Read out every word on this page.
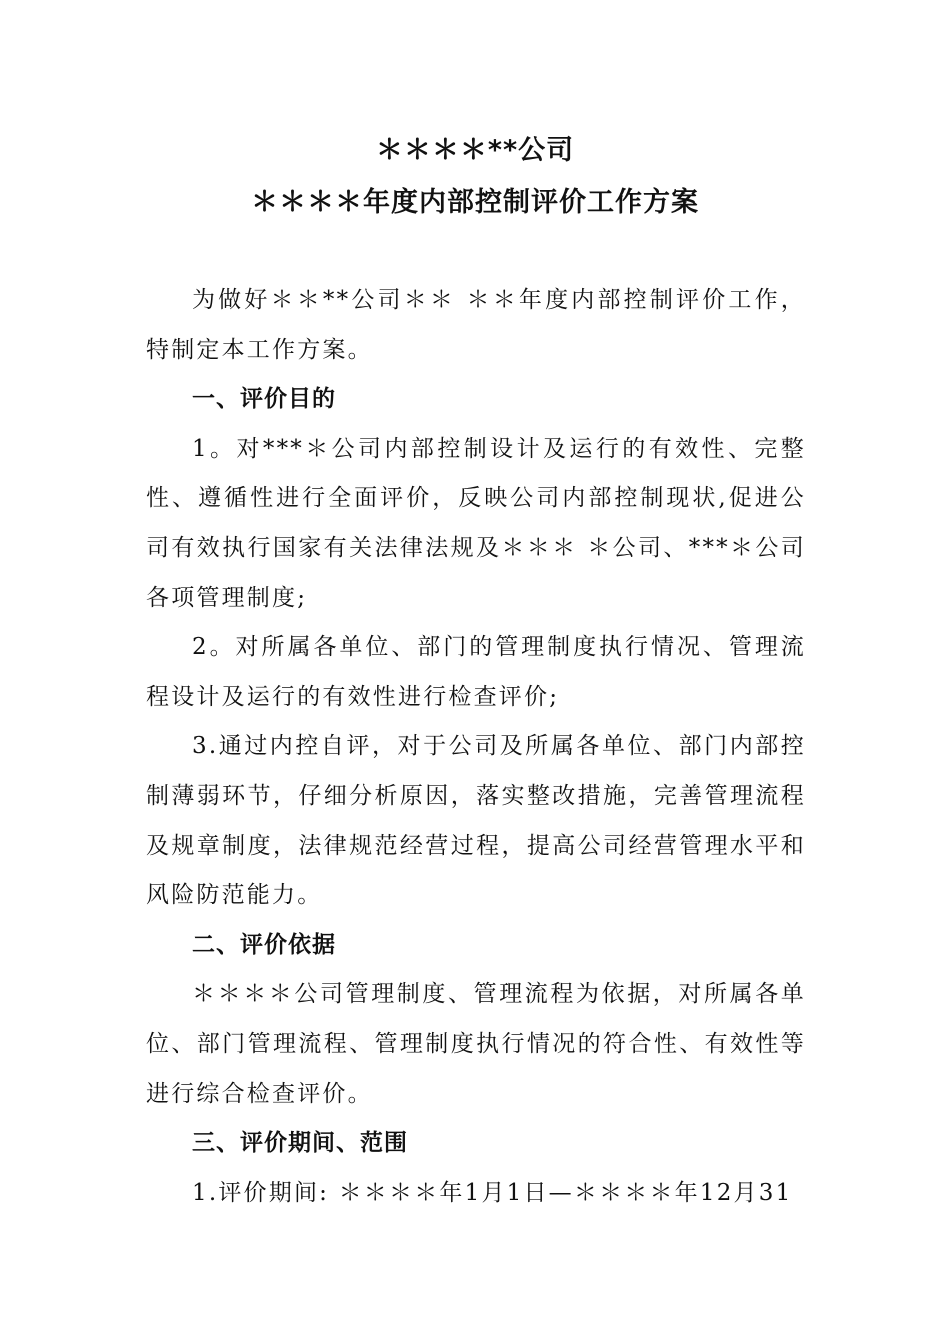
＊＊＊＊**公司
＊＊＊＊年度内部控制评价工作方案

为做好＊＊**公司＊＊ ＊＊年度内部控制评价工作，特制定本工作方案。

一、评价目的

1。对***＊公司内部控制设计及运行的有效性、完整性、遵循性进行全面评价，反映公司内部控制现状,促进公司有效执行国家有关法律法规及＊＊＊ ＊公司、***＊公司各项管理制度;

2。对所属各单位、部门的管理制度执行情况、管理流程设计及运行的有效性进行检查评价;

3.通过内控自评，对于公司及所属各单位、部门内部控制薄弱环节，仔细分析原因，落实整改措施，完善管理流程及规章制度，法律规范经营过程，提高公司经营管理水平和风险防范能力。

二、评价依据

＊＊＊＊公司管理制度、管理流程为依据，对所属各单位、部门管理流程、管理制度执行情况的符合性、有效性等进行综合检查评价。

三、评价期间、范围

1.评价期间: ＊＊＊＊年1月1日—＊＊＊＊年12月31
